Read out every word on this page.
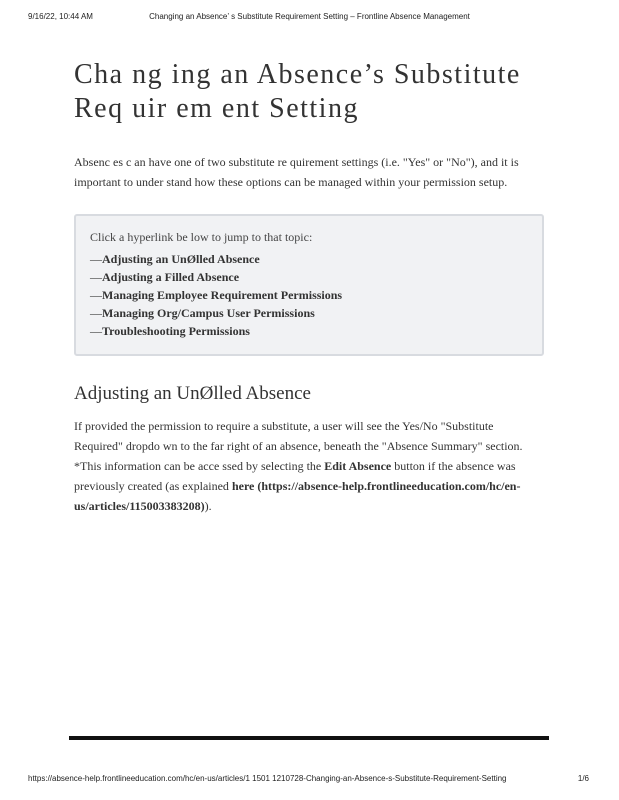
9/16/22, 10:44 AM	Changing an Absence’ s Substitute Requirement Setting – Frontline Absence Management
Cha ng ing an Absence’s Substitute
Req uir em ent Setting

Absenc es c an have one of two substitute re quirement settings (i.e. "Yes" or "No"), and it is important to under stand how these options can be managed within your permission setup.

Click a hyperlink be low to jump to that topic:
—Adjusting an UnØlled Absence
—Adjusting a Filled Absence
—Managing Employee Requirement Permissions
—Managing Org/Campus User Permissions
—Troubleshooting Permissions
Adjusting an UnØlled Absence

If provided the permission to require a substitute, a user will see the Yes/No "Substitute Required" dropdo wn to the far right of an absence, beneath the "Absence Summary" section. *This information can be acce ssed by selecting the Edit Absence button if the absence was previously created (as explained here (https://absence-help.frontlineeducation.com/hc/en-us/articles/115003383208)).

https://absence-help.frontlineeducation.com/hc/en-us/articles/1 1501 1210728-Changing-an-Absence-s-Substitute-Requirement-Setting	1/6
